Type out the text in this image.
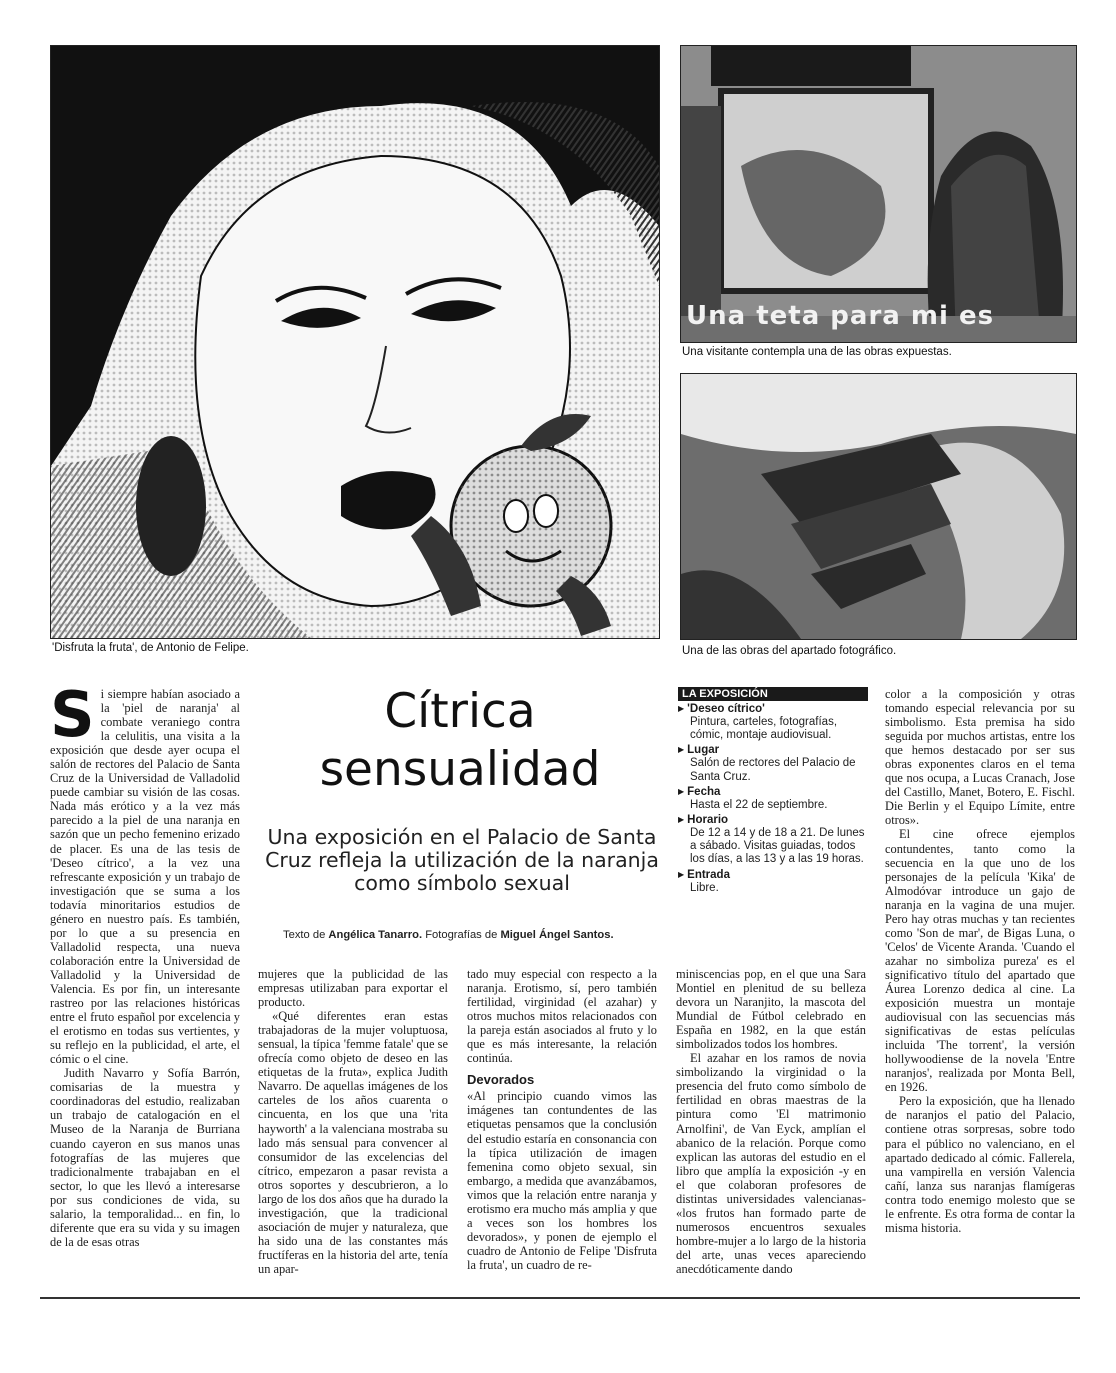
'Disfruta la fruta', de Antonio de Felipe.
Una teta para mi es
Una visitante contempla una de las obras expuestas.
Una de las obras del apartado fotográfico.
Cítrica
sensualidad
Una exposición en el Palacio de Santa Cruz refleja la utilización de la naranja como símbolo sexual
Texto de Angélica Tanarro. Fotografías de Miguel Ángel Santos.

Si siempre habían asociado a la 'piel de naranja' al combate veraniego contra la celulitis, una visita a la exposición que desde ayer ocupa el salón de rectores del Palacio de Santa Cruz de la Universidad de Valladolid puede cambiar su visión de las cosas. Nada más erótico y a la vez más parecido a la piel de una naranja en sazón que un pecho femenino erizado de placer. Es una de las tesis de 'Deseo cítrico', a la vez una refrescante exposición y un trabajo de investigación que se suma a los todavía minoritarios estudios de género en nuestro país. Es también, por lo que a su presencia en Valladolid respecta, una nueva colaboración entre la Universidad de Valladolid y la Universidad de Valencia. Es por fin, un interesante rastreo por las relaciones históricas entre el fruto español por excelencia y el erotismo en todas sus vertientes, y su reflejo en la publicidad, el arte, el cómic o el cine.

Judith Navarro y Sofía Barrón, comisarias de la muestra y coordinadoras del estudio, realizaban un trabajo de catalogación en el Museo de la Naranja de Burriana cuando cayeron en sus manos unas fotografías de las mujeres que tradicionalmente trabajaban en el sector, lo que les llevó a interesarse por sus condiciones de vida, su salario, la temporalidad... en fin, lo diferente que era su vida y su imagen de la de esas otras

mujeres que la publicidad de las empresas utilizaban para exportar el producto.

«Qué diferentes eran estas trabajadoras de la mujer voluptuosa, sensual, la típica 'femme fatale' que se ofrecía como objeto de deseo en las etiquetas de la fruta», explica Judith Navarro. De aquellas imágenes de los carteles de los años cuarenta o cincuenta, en los que una 'rita hayworth' a la valenciana mostraba su lado más sensual para convencer al consumidor de las excelencias del cítrico, empezaron a pasar revista a otros soportes y descubrieron, a lo largo de los dos años que ha durado la investigación, que la tradicional asociación de mujer y naturaleza, que ha sido una de las constantes más fructíferas en la historia del arte, tenía un apar-

tado muy especial con respecto a la naranja. Erotismo, sí, pero también fertilidad, virginidad (el azahar) y otros muchos mitos relacionados con la pareja están asociados al fruto y lo que es más interesante, la relación continúa.

Devorados

«Al principio cuando vimos las imágenes tan contundentes de las etiquetas pensamos que la conclusión del estudio estaría en consonancia con la típica utilización de imagen femenina como objeto sexual, sin embargo, a medida que avanzábamos, vimos que la relación entre naranja y erotismo era mucho más amplia y que a veces son los hombres los devorados», y ponen de ejemplo el cuadro de Antonio de Felipe 'Disfruta la fruta', un cuadro de re-

LA EXPOSICIÓN
▶ 'Deseo cítrico'
Pintura, carteles, fotografías, cómic, montaje audiovisual.
▶ Lugar
Salón de rectores del Palacio de Santa Cruz.
▶ Fecha
Hasta el 22 de septiembre.
▶ Horario
De 12 a 14 y de 18 a 21. De lunes a sábado. Visitas guiadas, todos los días, a las 13 y a las 19 horas.
▶ Entrada
Libre.

miniscencias pop, en el que una Sara Montiel en plenitud de su belleza devora un Naranjito, la mascota del Mundial de Fútbol celebrado en España en 1982, en la que están simbolizados todos los hombres.

El azahar en los ramos de novia simbolizando la virginidad o la presencia del fruto como símbolo de fertilidad en obras maestras de la pintura como 'El matrimonio Arnolfini', de Van Eyck, amplían el abanico de la relación. Porque como explican las autoras del estudio en el libro que amplía la exposición -y en el que colaboran profesores de distintas universidades valencianas- «los frutos han formado parte de numerosos encuentros sexuales hombre-mujer a lo largo de la historia del arte, unas veces apareciendo anecdóticamente dando

color a la composición y otras tomando especial relevancia por su simbolismo. Esta premisa ha sido seguida por muchos artistas, entre los que hemos destacado por ser sus obras exponentes claros en el tema que nos ocupa, a Lucas Cranach, Jose del Castillo, Manet, Botero, E. Fischl. Die Berlin y el Equipo Límite, entre otros».

El cine ofrece ejemplos contundentes, tanto como la secuencia en la que uno de los personajes de la película 'Kika' de Almodóvar introduce un gajo de naranja en la vagina de una mujer. Pero hay otras muchas y tan recientes como 'Son de mar', de Bigas Luna, o 'Celos' de Vicente Aranda. 'Cuando el azahar no simboliza pureza' es el significativo título del apartado que Áurea Lorenzo dedica al cine. La exposición muestra un montaje audiovisual con las secuencias más significativas de estas películas incluida 'The torrent', la versión hollywoodiense de la novela 'Entre naranjos', realizada por Monta Bell, en 1926.

Pero la exposición, que ha llenado de naranjos el patio del Palacio, contiene otras sorpresas, sobre todo para el público no valenciano, en el apartado dedicado al cómic. Fallerela, una vampirella en versión Valencia cañí, lanza sus naranjas flamígeras contra todo enemigo molesto que se le enfrente. Es otra forma de contar la misma historia.
